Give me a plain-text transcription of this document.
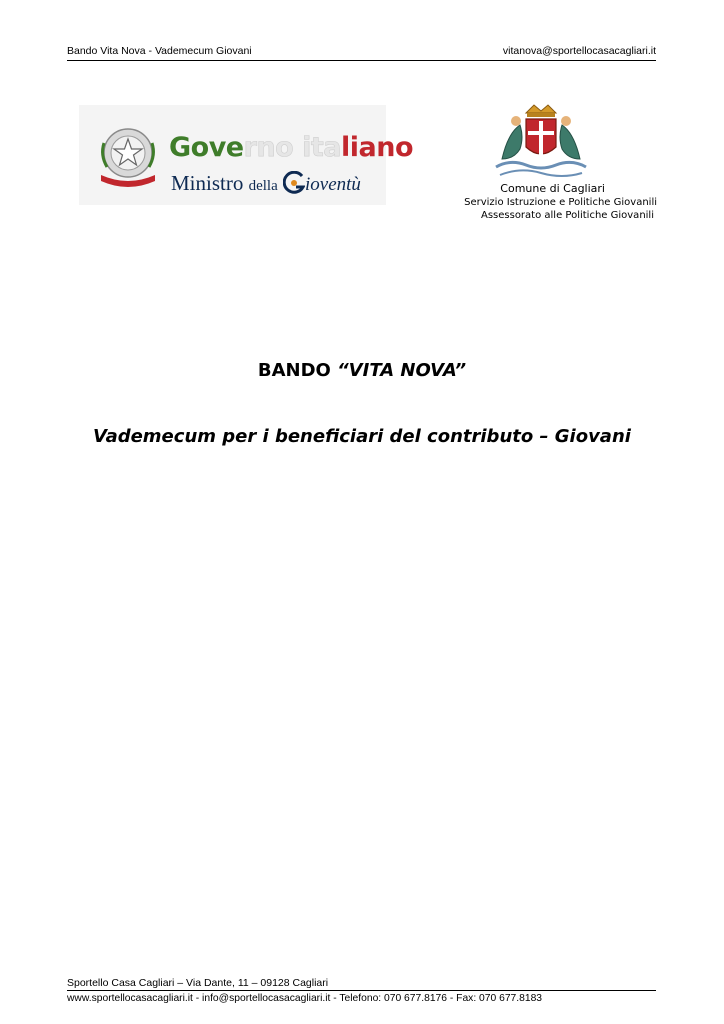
Bando Vita Nova - Vademecum Giovani	vitanova@sportellocasacagliari.it
Governo italiano
Ministro della ioventù	Comune di Cagliari
Servizio Istruzione e Politiche Giovanili
Assessorato alle Politiche Giovanili
BANDO “VITA NOVA”
Vademecum per i beneficiari del contributo – Giovani
Sportello Casa Cagliari – Via Dante, 11 – 09128 Cagliari
www.sportellocasacagliari.it - info@sportellocasacagliari.it - Telefono: 070 677.8176 - Fax: 070 677.8183
